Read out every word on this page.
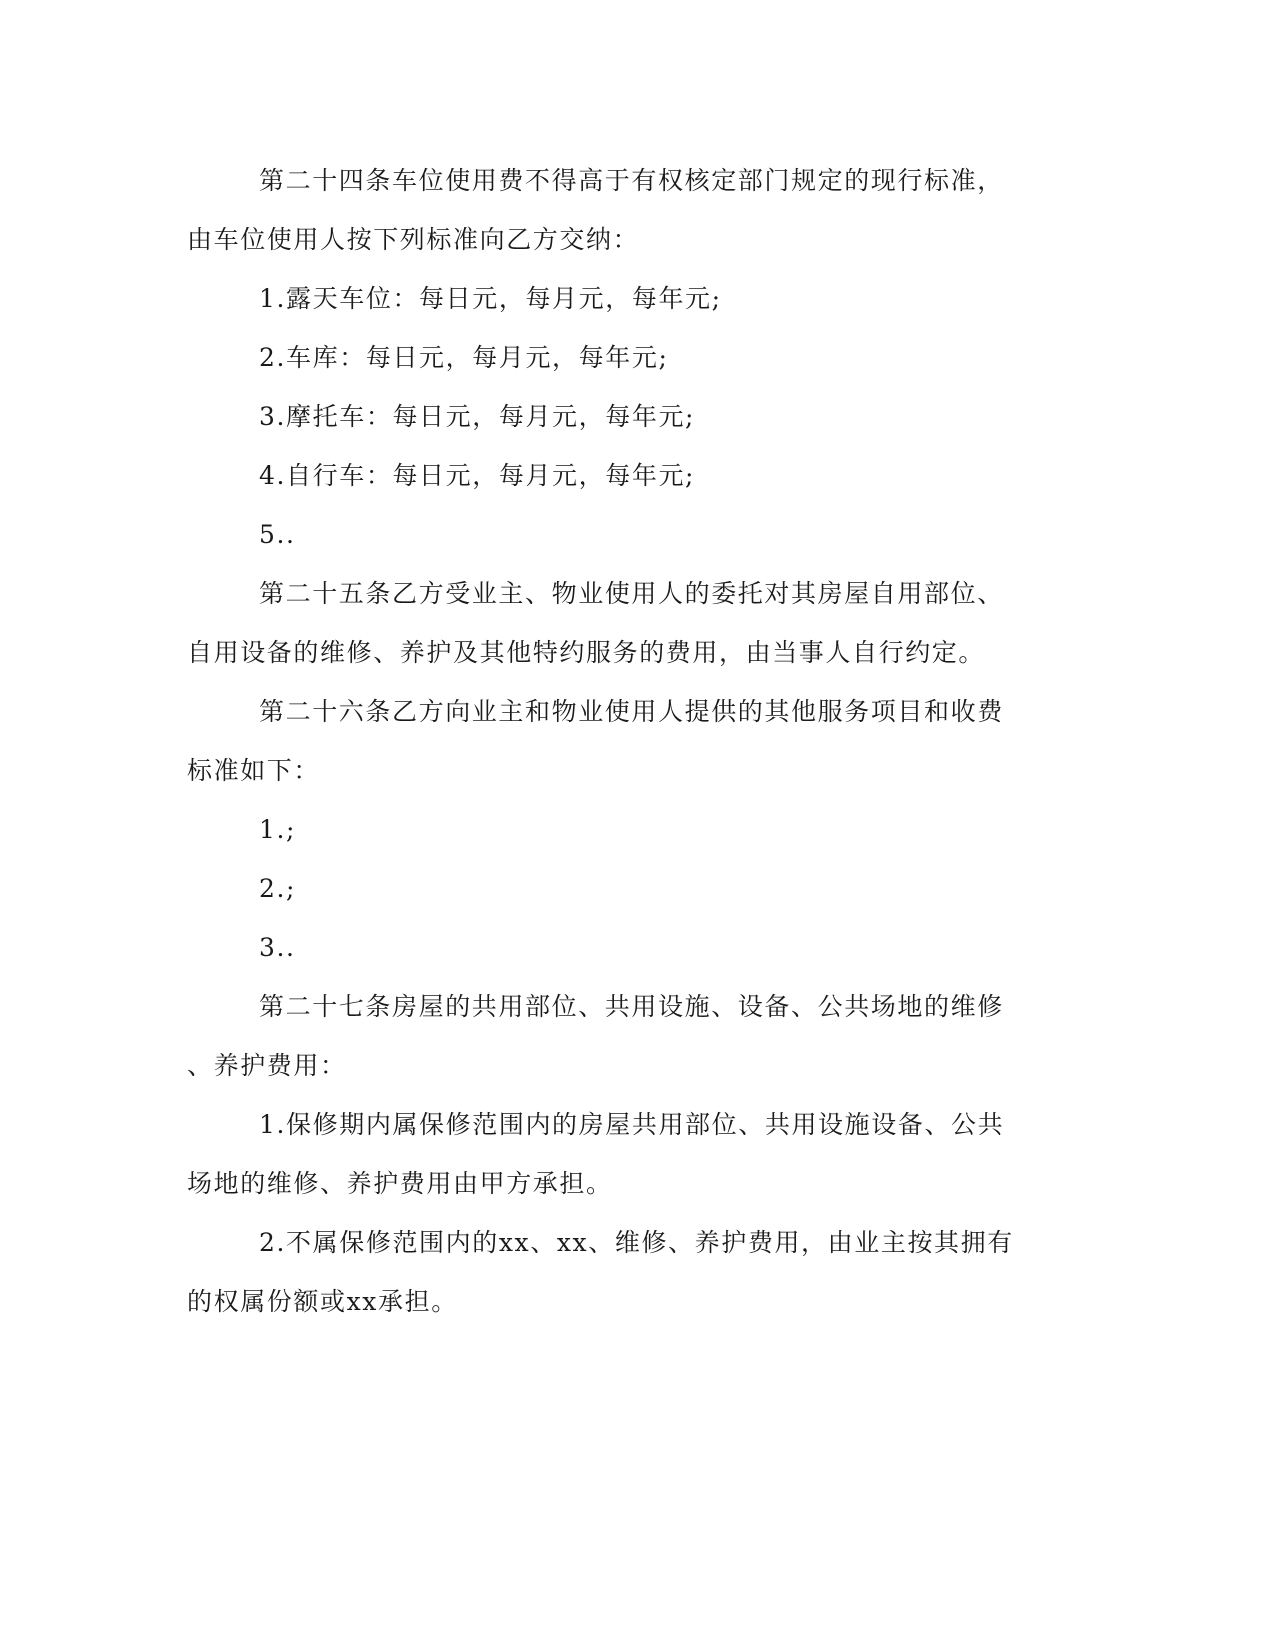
第二十四条车位使用费不得高于有权核定部门规定的现行标准，
由车位使用人按下列标准向乙方交纳：
1.露天车位：每日元，每月元，每年元;
2.车库：每日元，每月元，每年元;
3.摩托车：每日元，每月元，每年元;
4.自行车：每日元，每月元，每年元;
5..
第二十五条乙方受业主、物业使用人的委托对其房屋自用部位、
自用设备的维修、养护及其他特约服务的费用，由当事人自行约定。
第二十六条乙方向业主和物业使用人提供的其他服务项目和收费
标准如下：
1.;
2.;
3..
第二十七条房屋的共用部位、共用设施、设备、公共场地的维修
、养护费用：
1.保修期内属保修范围内的房屋共用部位、共用设施设备、公共
场地的维修、养护费用由甲方承担。
2.不属保修范围内的xx、xx、维修、养护费用，由业主按其拥有
的权属份额或xx承担。
